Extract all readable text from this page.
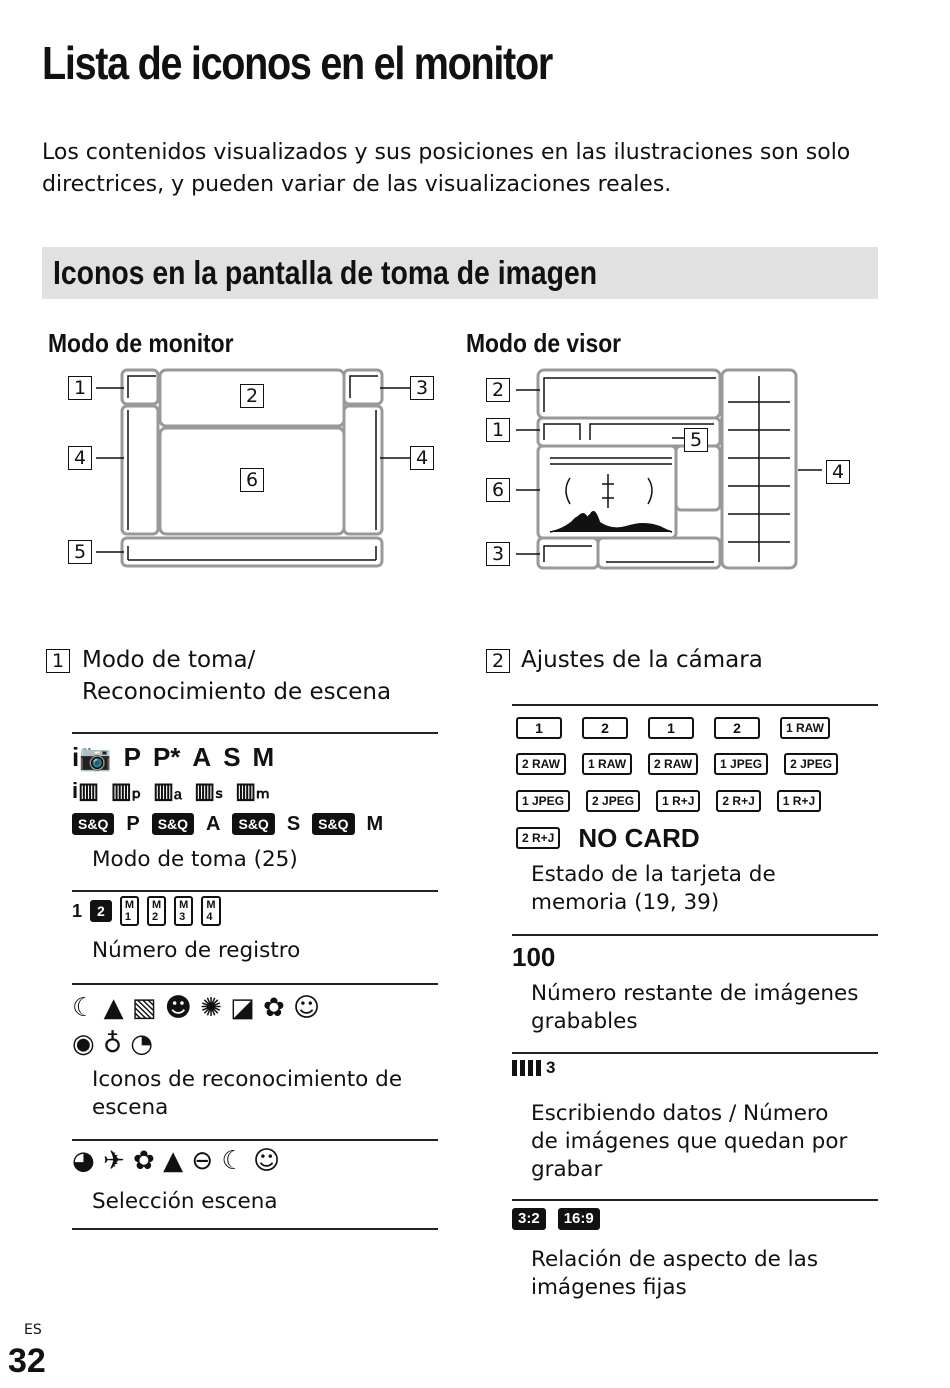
Lista de iconos en el monitor
Los contenidos visualizados y sus posiciones en las ilustraciones son solo directrices, y pueden variar de las visualizaciones reales.
Iconos en la pantalla de toma de imagen
Modo de monitor	Modo de visor
1	2	3
4
6
4
5
2
1	5
6
3
4
1 Modo de toma/
Reconocimiento de escena
i📷 P P* A S M
i▥ ▥ₚ ▥ₐ ▥ₛ ▥ₘ
S&Q P	S&Q A	S&Q S	S&Q M
Modo de toma (25)
1	2	M
1
M
2
M
3
M
4
Número de registro
☾ ▲ ▧ ☻ ✺ ◪ ✿ ☺
◉ ♁ ◔
Iconos de reconocimiento de escena
◕ ✈ ✿ ▲ ⊖ ☾ ☺
Selección escena
2 Ajustes de la cámara
1	2	1	2	1 RAW
2 RAW	1 RAW	2 RAW	1 JPEG	2 JPEG
1 JPEG	2 JPEG	1 R+J	2 R+J	1 R+J
2 R+J NO CARD
Estado de la tarjeta de memoria (19, 39)
100
Número restante de imágenes grabables
3
Escribiendo datos / Número de imágenes que quedan por grabar
3:2	16:9
Relación de aspecto de las imágenes fijas
ES
32
